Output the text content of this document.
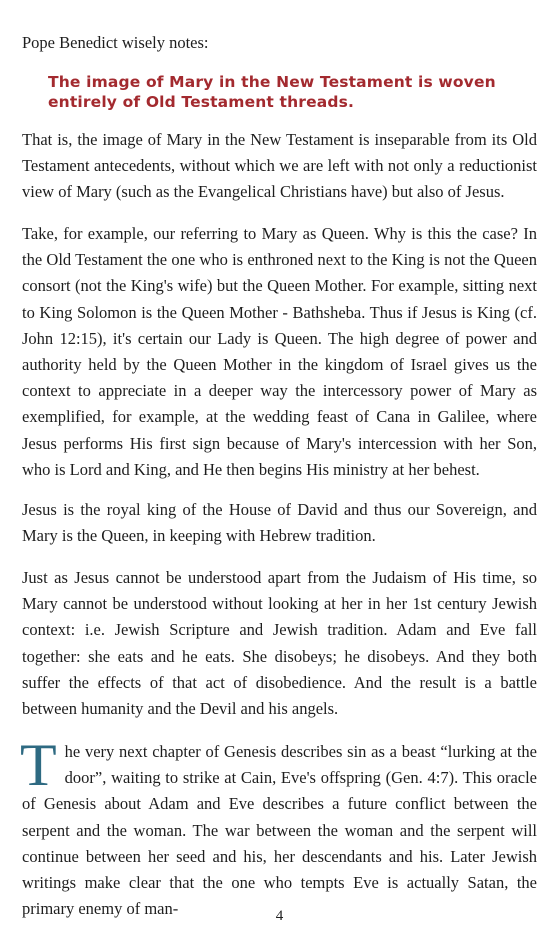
Pope Benedict wisely notes:

The image of Mary in the New Testament is woven entirely of Old Testament threads.

That is, the image of Mary in the New Testament is inseparable from its Old Testament antecedents, without which we are left with not only a reductionist view of Mary (such as the Evangelical Christians have) but also of Jesus.

Take, for example, our referring to Mary as Queen. Why is this the case? In the Old Testament the one who is enthroned next to the King is not the Queen consort (not the King's wife) but the Queen Mother. For example, sitting next to King Solomon is the Queen Mother - Bathsheba. Thus if Jesus is King (cf. John 12:15), it's certain our Lady is Queen. The high degree of power and authority held by the Queen Mother in the kingdom of Israel gives us the context to appreciate in a deeper way the intercessory power of Mary as exemplified, for example, at the wedding feast of Cana in Galilee, where Jesus performs His first sign because of Mary's intercession with her Son, who is Lord and King, and He then begins His ministry at her behest.

Jesus is the royal king of the House of David and thus our Sovereign, and Mary is the Queen, in keeping with Hebrew tradition.

Just as Jesus cannot be understood apart from the Judaism of His time, so Mary cannot be understood without looking at her in her 1st century Jewish context: i.e. Jewish Scripture and Jewish tradition. Adam and Eve fall together: she eats and he eats. She disobeys; he disobeys. And they both suffer the effects of that act of disobedience. And the result is a battle between humanity and the Devil and his angels.

The very next chapter of Genesis describes sin as a beast “lurking at the door”, waiting to strike at Cain, Eve's offspring (Gen. 4:7). This oracle of Genesis about Adam and Eve describes a future conflict between the serpent and the woman. The war between the woman and the serpent will continue between her seed and his, her descendants and his. Later Jewish writings make clear that the one who tempts Eve is actually Satan, the primary enemy of man-	4
